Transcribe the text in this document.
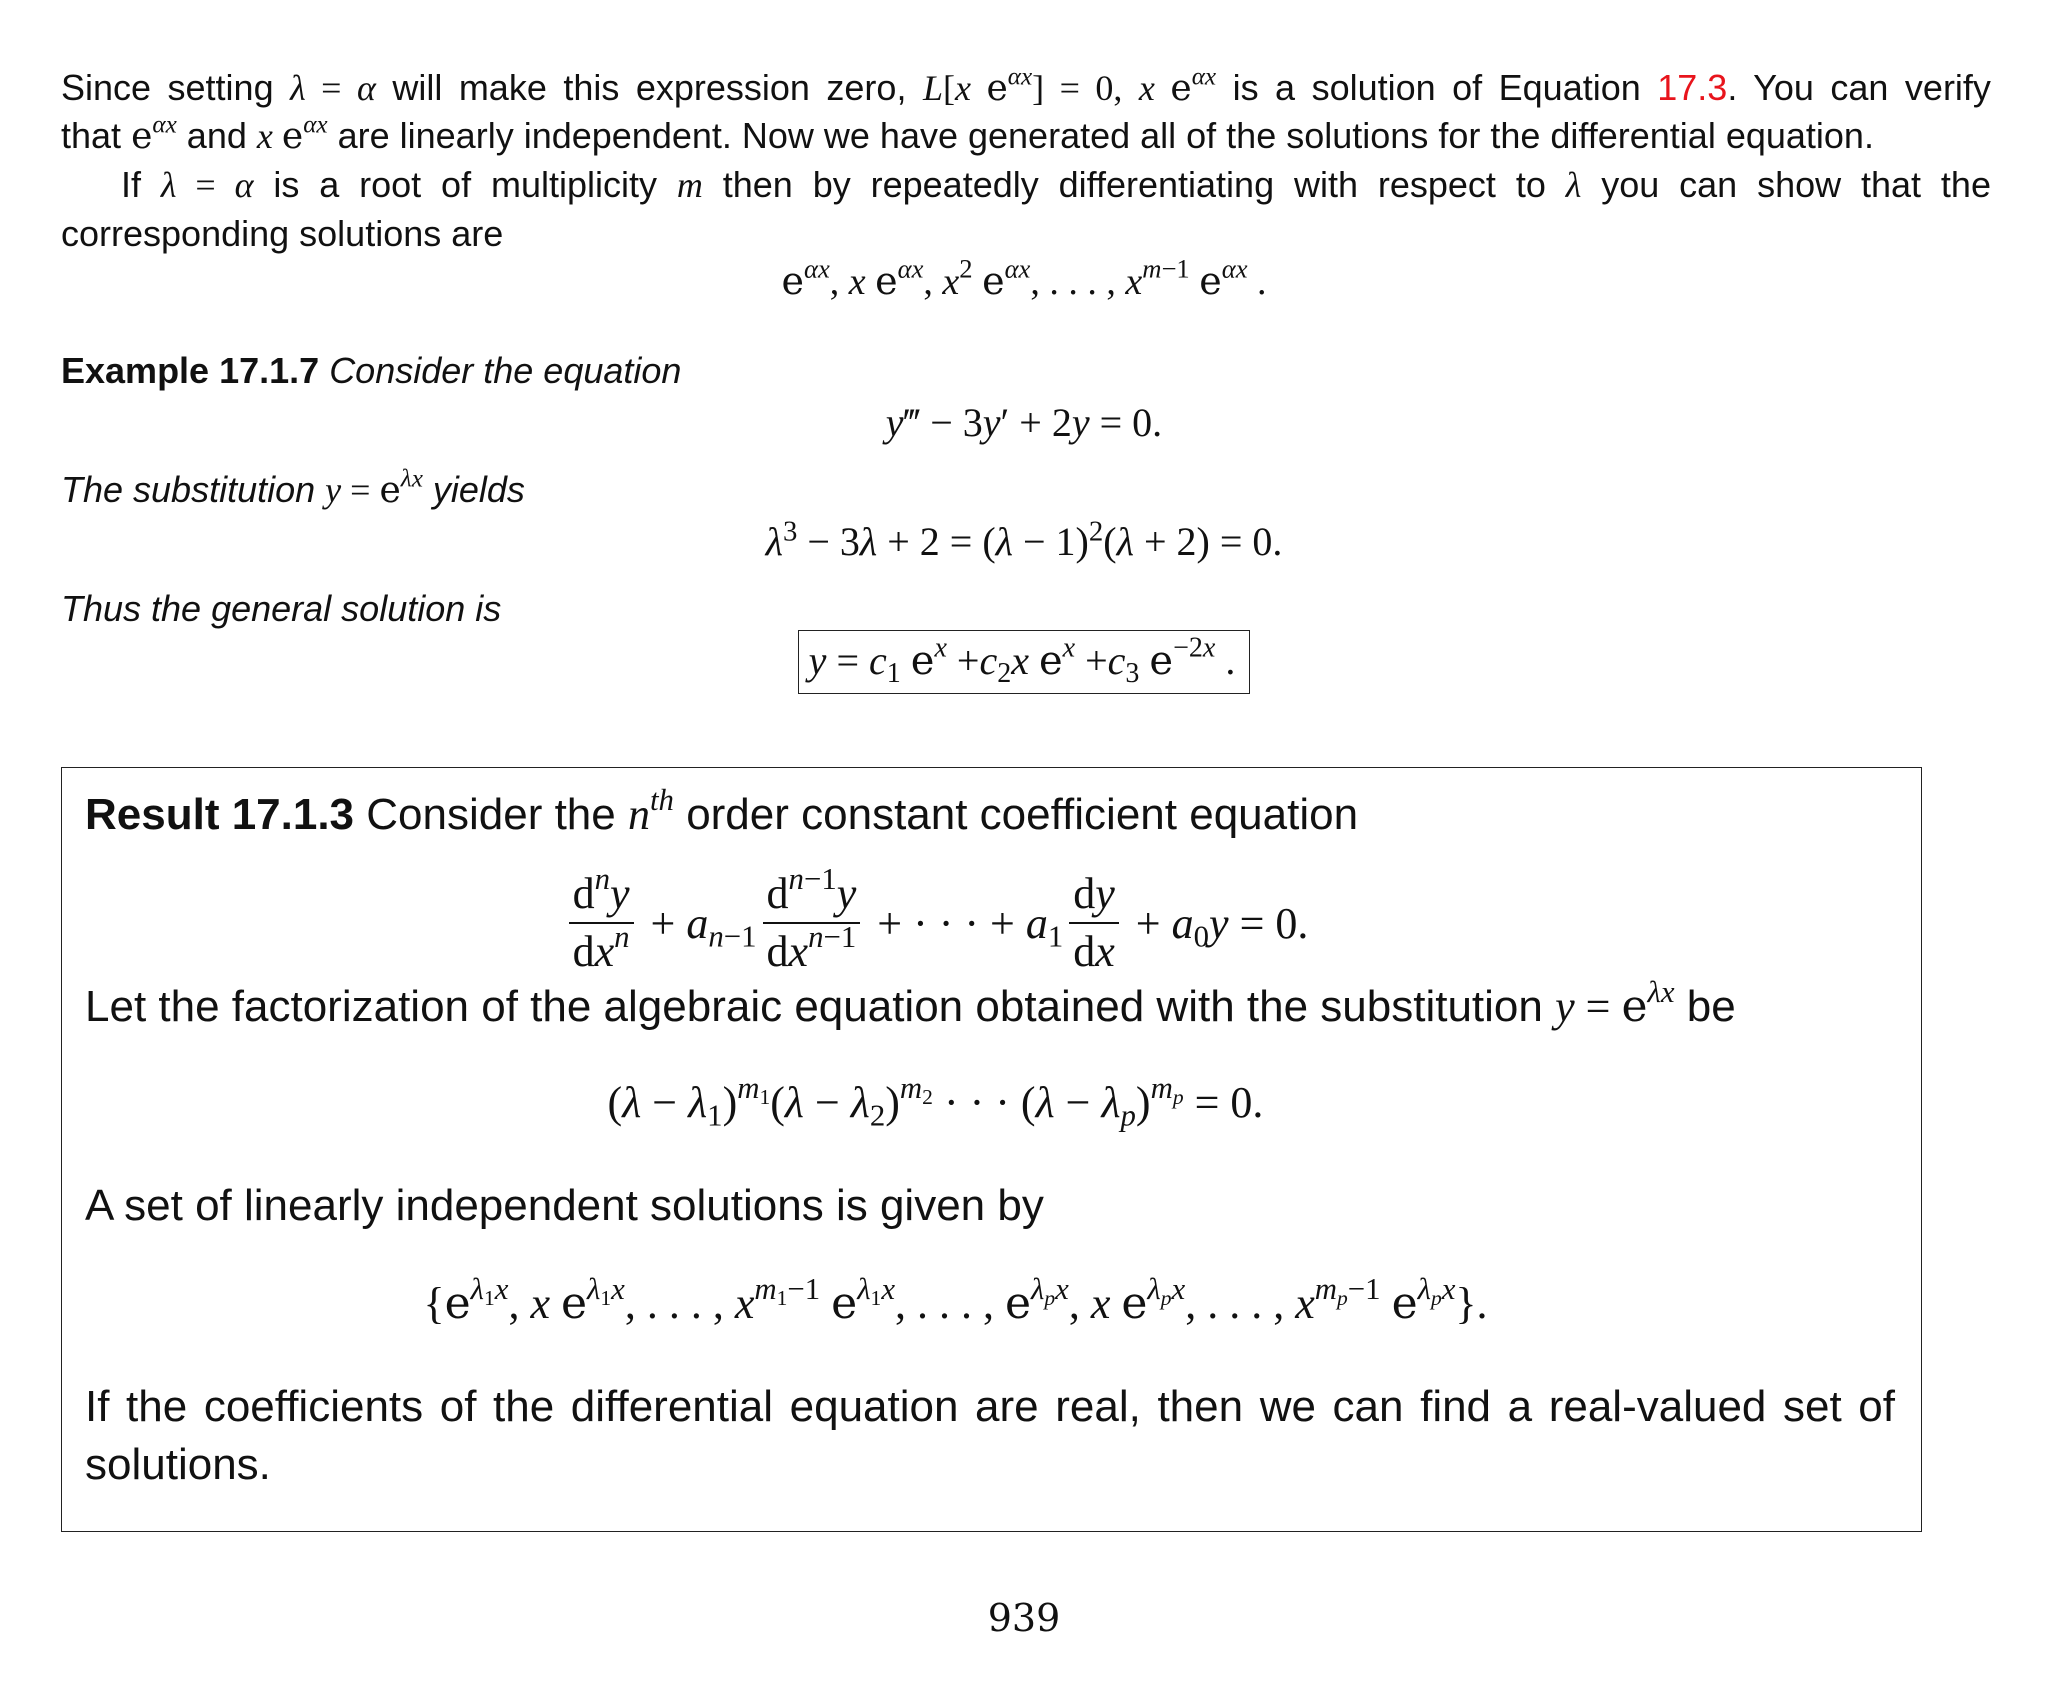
Since setting λ = α will make this expression zero, L[x $e^{\alpha x}] = 0$, x $e^{\alpha x}$ is a solution of Equation 17.3. You can verify
that $e^{\alpha x}$ and x $e^{\alpha x}$ are linearly independent. Now we have generated all of the solutions for the differential equation.
If λ = α is a root of multiplicity m then by repeatedly differentiating with respect to λ you can show that the
corresponding solutions are
$e^{\alpha x}$, x $e^{\alpha x}$, $x^2$ $e^{\alpha x}$, . . . , $x^{m-1}$ $e^{\alpha x}$ .
Example 17.1.7 Consider the equation
y‴ − 3y′ + 2y = 0.
The substitution $y = e^{\lambda x}$ yields
$\lambda^3 - 3\lambda + 2 = (\lambda - 1)^2(\lambda + 2) = 0$.
Thus the general solution is
$y = c_1$ $e^x +c_2x$ $e^x +c_3$ $e^{-2x}$ .
Result 17.1.3 Consider the $n^{th}$ order constant coefficient equation
$\frac{d^ny}{dx^n} + a_{n-1} \frac{d^{n-1}y}{dx^{n-1}}$ + · · · + $a_1 \frac{dy}{dx} + a_0y = 0$.
Let the factorization of the algebraic equation obtained with the substitution $y = e^{\lambda x}$ be
$(\lambda - \lambda_1)^{m_1}(\lambda - \lambda_2)^{m_2}$ · · · $(\lambda - \lambda_p)^{m_p} = 0$.
A set of linearly independent solutions is given by
{$e^{\lambda_1x}$, x $e^{\lambda_1x}$, . . . , $x^{m_1-1}$ $e^{\lambda_1x}$, . . . , $e^{\lambda_px}$, x $e^{\lambda_px}$, . . . , $x^{m_p-1}$ $e^{\lambda_px}$}.
If the coefficients of the differential equation are real, then we can find a real-valued set of
solutions.
939
